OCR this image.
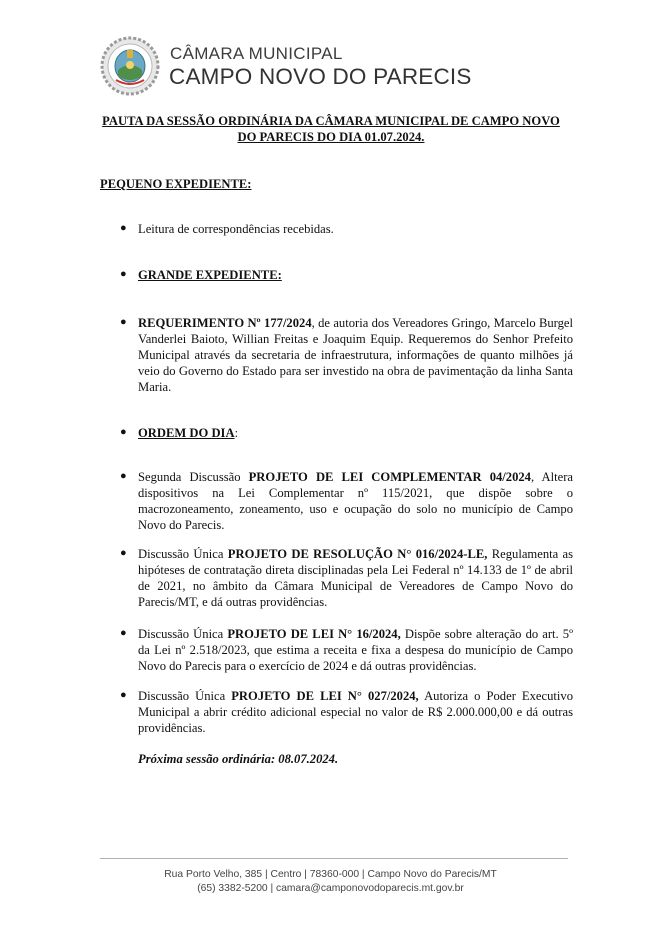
CÂMARA MUNICIPAL
CAMPO NOVO DO PARECIS
PAUTA DA SESSÃO ORDINÁRIA DA CÂMARA MUNICIPAL DE CAMPO NOVO DO PARECIS DO DIA 01.07.2024.
PEQUENO EXPEDIENTE:
● Leitura de correspondências recebidas.
● GRANDE EXPEDIENTE:
● REQUERIMENTO Nº 177/2024, de autoria dos Vereadores Gringo, Marcelo Burgel Vanderlei Baioto, Willian Freitas e Joaquim Equip. Requeremos do Senhor Prefeito Municipal através da secretaria de infraestrutura, informações de quanto milhões já veio do Governo do Estado para ser investido na obra de pavimentação da linha Santa Maria.
● ORDEM DO DIA:
● Segunda Discussão PROJETO DE LEI COMPLEMENTAR 04/2024, Altera dispositivos na Lei Complementar nº 115/2021, que dispõe sobre o macrozoneamento, zoneamento, uso e ocupação do solo no município de Campo Novo do Parecis.
● Discussão Única PROJETO DE RESOLUÇÃO N° 016/2024-LE, Regulamenta as hipóteses de contratação direta disciplinadas pela Lei Federal nº 14.133 de 1º de abril de 2021, no âmbito da Câmara Municipal de Vereadores de Campo Novo do Parecis/MT, e dá outras providências.
● Discussão Única PROJETO DE LEI N° 16/2024, Dispõe sobre alteração do art. 5º da Lei nº 2.518/2023, que estima a receita e fixa a despesa do município de Campo Novo do Parecis para o exercício de 2024 e dá outras providências.
● Discussão Única PROJETO DE LEI N° 027/2024, Autoriza o Poder Executivo Municipal a abrir crédito adicional especial no valor de R$ 2.000.000,00 e dá outras providências.
Próxima sessão ordinária: 08.07.2024.
Rua Porto Velho, 385 | Centro | 78360-000 | Campo Novo do Parecis/MT
(65) 3382-5200 | camara@camponovodoparecis.mt.gov.br
